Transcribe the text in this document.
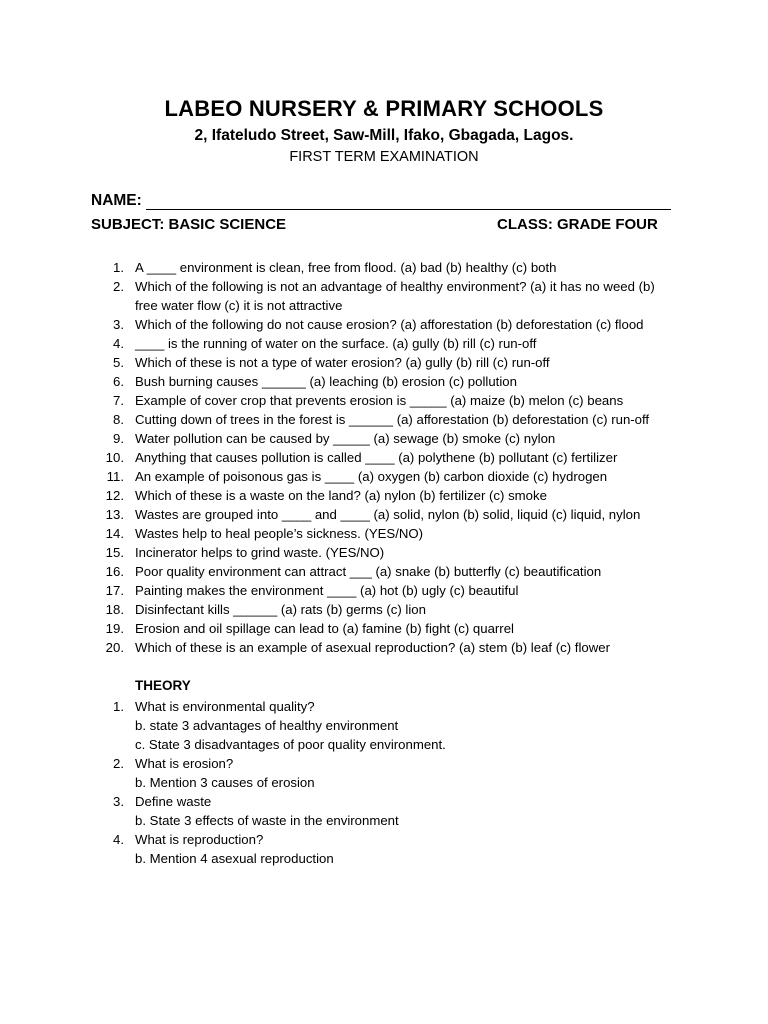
LABEO NURSERY & PRIMARY SCHOOLS
2, Ifateludo Street, Saw-Mill, Ifako, Gbagada, Lagos.
FIRST TERM EXAMINATION
NAME:
SUBJECT: BASIC SCIENCE	CLASS: GRADE FOUR
1. A ____ environment is clean, free from flood. (a) bad (b) healthy (c) both
2. Which of the following is not an advantage of healthy environment? (a) it has no weed (b) free water flow (c) it is not attractive
3. Which of the following do not cause erosion? (a) afforestation (b) deforestation (c) flood
4. ____ is the running of water on the surface. (a) gully (b) rill (c) run-off
5. Which of these is not a type of water erosion? (a) gully (b) rill (c) run-off
6. Bush burning causes ______ (a) leaching (b) erosion (c) pollution
7. Example of cover crop that prevents erosion is _____ (a) maize (b) melon (c) beans
8. Cutting down of trees in the forest is ______ (a) afforestation (b) deforestation (c) run-off
9. Water pollution can be caused by _____ (a) sewage (b) smoke (c) nylon
10. Anything that causes pollution is called ____ (a) polythene (b) pollutant (c) fertilizer
11. An example of poisonous gas is ____ (a) oxygen (b) carbon dioxide (c) hydrogen
12. Which of these is a waste on the land? (a) nylon (b) fertilizer (c) smoke
13. Wastes are grouped into ____ and ____ (a) solid, nylon (b) solid, liquid (c) liquid, nylon
14. Wastes help to heal people’s sickness. (YES/NO)
15. Incinerator helps to grind waste. (YES/NO)
16. Poor quality environment can attract ___ (a) snake (b) butterfly (c) beautification
17. Painting makes the environment ____ (a) hot (b) ugly (c) beautiful
18. Disinfectant kills ______ (a) rats (b) germs (c) lion
19. Erosion and oil spillage can lead to (a) famine (b) fight (c) quarrel
20. Which of these is an example of asexual reproduction? (a) stem (b) leaf (c) flower
THEORY
1. What is environmental quality?
b. state 3 advantages of healthy environment
c. State 3 disadvantages of poor quality environment.
2. What is erosion?
b. Mention 3 causes of erosion
3. Define waste
b. State 3 effects of waste in the environment
4. What is reproduction?
b. Mention 4 asexual reproduction
